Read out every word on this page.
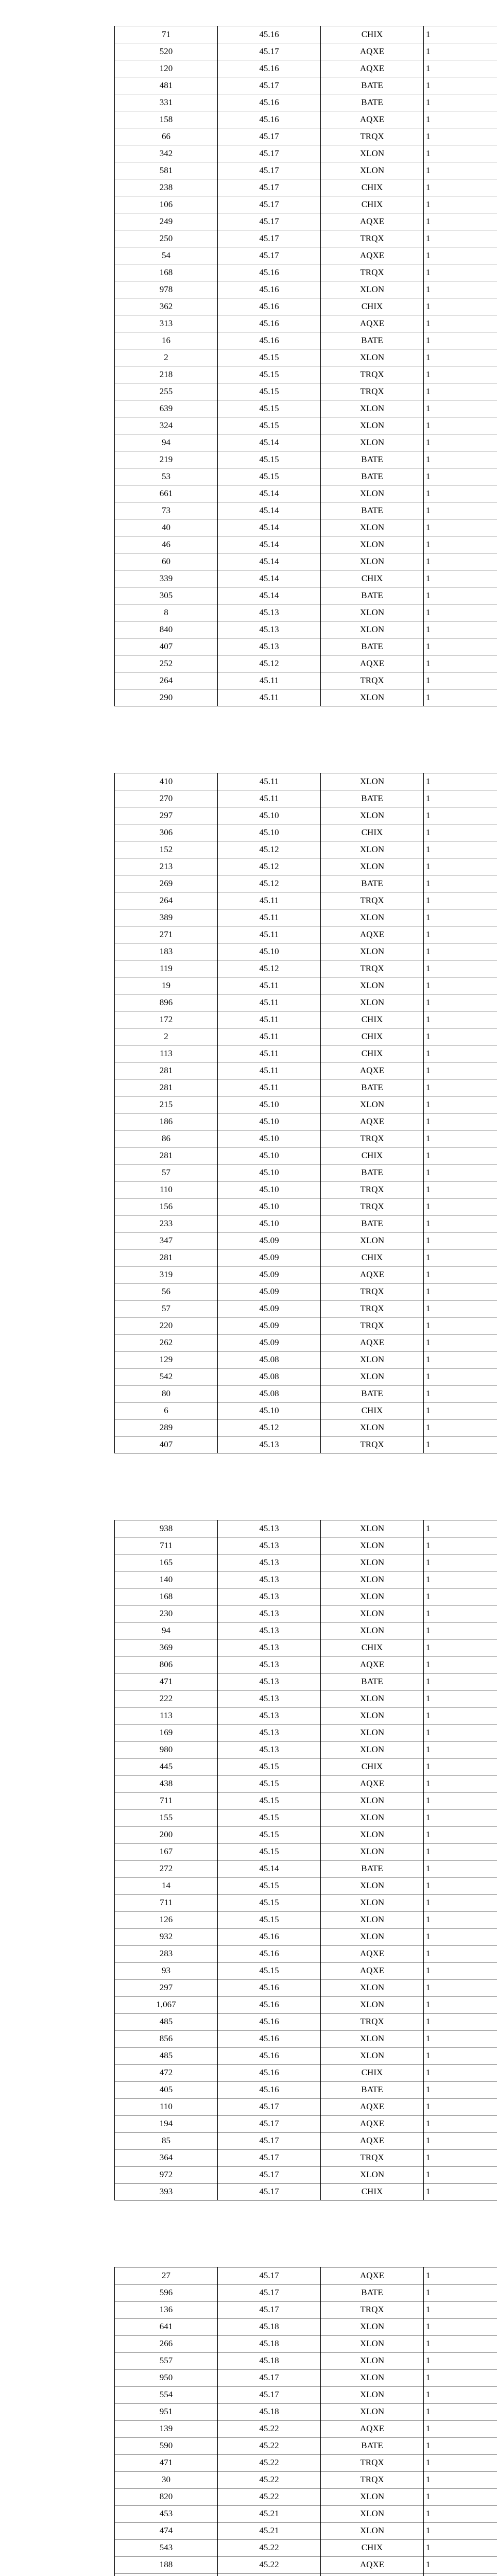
71	45.16	CHIX	1
520	45.17	AQXE	1
120	45.16	AQXE	1
481	45.17	BATE	1
331	45.16	BATE	1
158	45.16	AQXE	1
66	45.17	TRQX	1
342	45.17	XLON	1
581	45.17	XLON	1
238	45.17	CHIX	1
106	45.17	CHIX	1
249	45.17	AQXE	1
250	45.17	TRQX	1
54	45.17	AQXE	1
168	45.16	TRQX	1
978	45.16	XLON	1
362	45.16	CHIX	1
313	45.16	AQXE	1
16	45.16	BATE	1
2	45.15	XLON	1
218	45.15	TRQX	1
255	45.15	TRQX	1
639	45.15	XLON	1
324	45.15	XLON	1
94	45.14	XLON	1
219	45.15	BATE	1
53	45.15	BATE	1
661	45.14	XLON	1
73	45.14	BATE	1
40	45.14	XLON	1
46	45.14	XLON	1
60	45.14	XLON	1
339	45.14	CHIX	1
305	45.14	BATE	1
8	45.13	XLON	1
840	45.13	XLON	1
407	45.13	BATE	1
252	45.12	AQXE	1
264	45.11	TRQX	1
290	45.11	XLON	1
410	45.11	XLON	1
270	45.11	BATE	1
297	45.10	XLON	1
306	45.10	CHIX	1
152	45.12	XLON	1
213	45.12	XLON	1
269	45.12	BATE	1
264	45.11	TRQX	1
389	45.11	XLON	1
271	45.11	AQXE	1
183	45.10	XLON	1
119	45.12	TRQX	1
19	45.11	XLON	1
896	45.11	XLON	1
172	45.11	CHIX	1
2	45.11	CHIX	1
113	45.11	CHIX	1
281	45.11	AQXE	1
281	45.11	BATE	1
215	45.10	XLON	1
186	45.10	AQXE	1
86	45.10	TRQX	1
281	45.10	CHIX	1
57	45.10	BATE	1
110	45.10	TRQX	1
156	45.10	TRQX	1
233	45.10	BATE	1
347	45.09	XLON	1
281	45.09	CHIX	1
319	45.09	AQXE	1
56	45.09	TRQX	1
57	45.09	TRQX	1
220	45.09	TRQX	1
262	45.09	AQXE	1
129	45.08	XLON	1
542	45.08	XLON	1
80	45.08	BATE	1
6	45.10	CHIX	1
289	45.12	XLON	1
407	45.13	TRQX	1
938	45.13	XLON	1
711	45.13	XLON	1
165	45.13	XLON	1
140	45.13	XLON	1
168	45.13	XLON	1
230	45.13	XLON	1
94	45.13	XLON	1
369	45.13	CHIX	1
806	45.13	AQXE	1
471	45.13	BATE	1
222	45.13	XLON	1
113	45.13	XLON	1
169	45.13	XLON	1
980	45.13	XLON	1
445	45.15	CHIX	1
438	45.15	AQXE	1
711	45.15	XLON	1
155	45.15	XLON	1
200	45.15	XLON	1
167	45.15	XLON	1
272	45.14	BATE	1
14	45.15	XLON	1
711	45.15	XLON	1
126	45.15	XLON	1
932	45.16	XLON	1
283	45.16	AQXE	1
93	45.15	AQXE	1
297	45.16	XLON	1
1,067	45.16	XLON	1
485	45.16	TRQX	1
856	45.16	XLON	1
485	45.16	XLON	1
472	45.16	CHIX	1
405	45.16	BATE	1
110	45.17	AQXE	1
194	45.17	AQXE	1
85	45.17	AQXE	1
364	45.17	TRQX	1
972	45.17	XLON	1
393	45.17	CHIX	1
27	45.17	AQXE	1
596	45.17	BATE	1
136	45.17	TRQX	1
641	45.18	XLON	1
266	45.18	XLON	1
557	45.18	XLON	1
950	45.17	XLON	1
554	45.17	XLON	1
951	45.18	XLON	1
139	45.22	AQXE	1
590	45.22	BATE	1
471	45.22	TRQX	1
30	45.22	TRQX	1
820	45.22	XLON	1
453	45.21	XLON	1
474	45.21	XLON	1
543	45.22	CHIX	1
188	45.22	AQXE	1
